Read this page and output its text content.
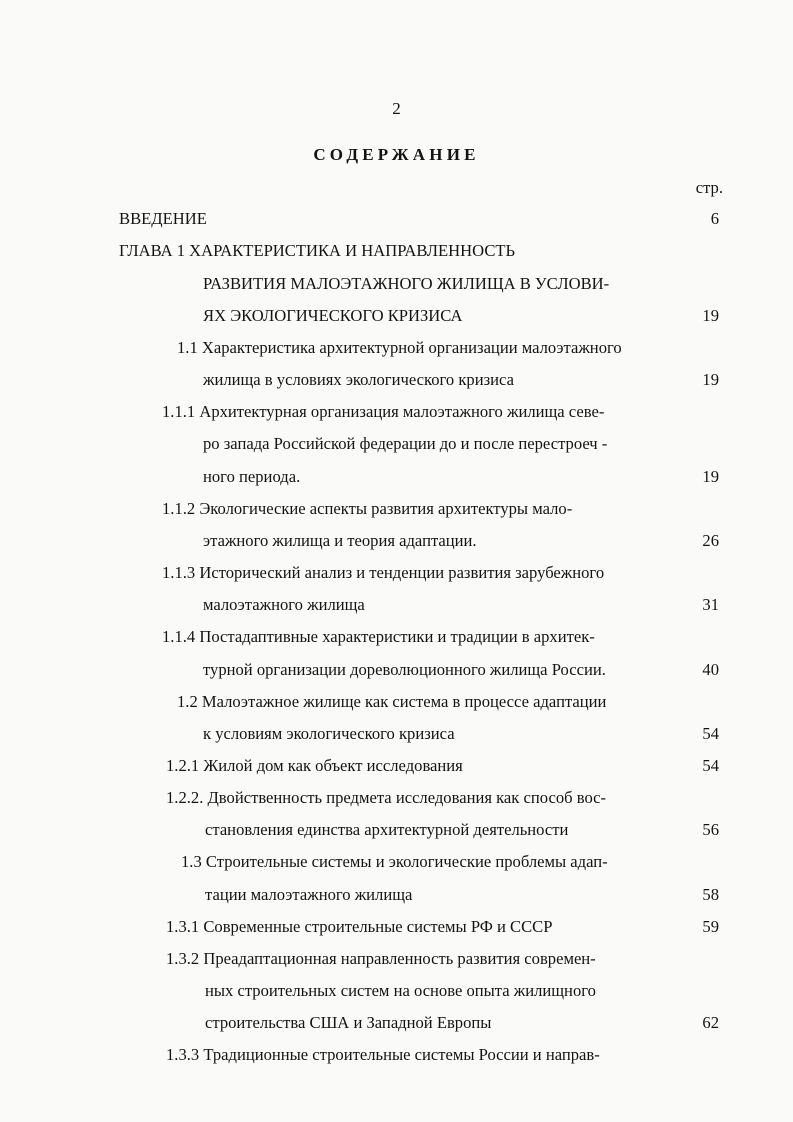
2
СОДЕРЖАНИЕ
стр.
ВВЕДЕНИЕ	6
ГЛАВА 1 ХАРАКТЕРИСТИКА И НАПРАВЛЕННОСТЬ
РАЗВИТИЯ МАЛОЭТАЖНОГО ЖИЛИЩА В УСЛОВИ-
ЯХ ЭКОЛОГИЧЕСКОГО КРИЗИСА	19
1.1 Характеристика архитектурной организации малоэтажного
жилища в условиях экологического кризиса	19
1.1.1 Архитектурная организация малоэтажного жилища севе-
ро запада Российской федерации до и после перестроеч -
ного периода.	19
1.1.2 Экологические аспекты развития архитектуры мало-
этажного жилища и теория адаптации.	26
1.1.3 Исторический анализ и тенденции развития зарубежного
малоэтажного жилища	31
1.1.4 Постадаптивные характеристики и традиции в архитек-
турной организации дореволюционного жилища России.	40
1.2 Малоэтажное жилище как система в процессе адаптации
к условиям экологического кризиса	54
1.2.1 Жилой дом как объект исследования	54
1.2.2. Двойственность предмета исследования как способ вос-
становления единства архитектурной деятельности	56
1.3 Строительные системы и экологические проблемы адап-
тации малоэтажного жилища	58
1.3.1 Современные строительные системы РФ и СССР	59
1.3.2 Преадаптационная направленность развития современ-
ных строительных систем на основе опыта жилищного
строительства США и Западной Европы	62
1.3.3 Традиционные строительные системы России и направ-
